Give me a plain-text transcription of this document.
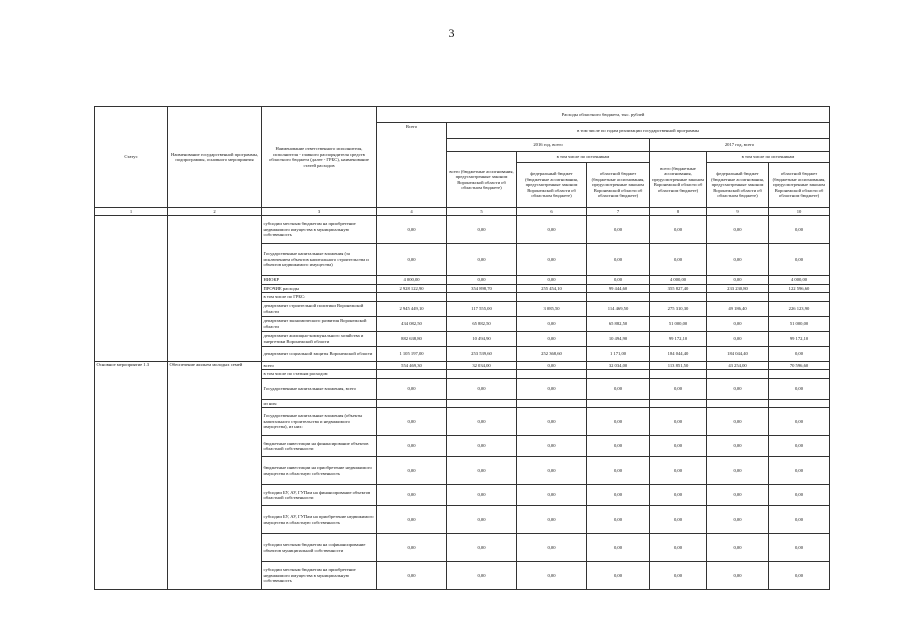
3
Статус	Наименование государственной программы, подпрограммы, основного мероприятия	Наименование ответственного исполнителя, исполнителя - главного распорядителя средств областного бюджета (далее - ГРБС), наименование статей расходов	Расходы областного бюджета, тыс. рублей						
			Всего	в том числе по годам реализации государственной программы					
				2016 год, всего			2017 год, всего		
				всего (бюджетные ассигнования, предусмотренные законом Воронежской области об областном бюджете)	в том числе по источникам		всего (бюджетные ассигнования, предусмотренные законом Воронежской области об областном бюджете)	в том числе по источникам	
					федеральный бюджет (бюджетные ассигнования, предусмотренные законом Воронежской области об областном бюджете)	областной бюджет (бюджетные ассигнования, предусмотренные законом Воронежской области об областном бюджете)		федеральный бюджет (бюджетные ассигнования, предусмотренные законом Воронежской области об областном бюджете)	областной бюджет (бюджетные ассигнования, предусмотренные законом Воронежской области об областном бюджете)
1	2	3	4	5	6	7	8	9	10
		субсидии местным бюджетам на приобретение недвижимого имущества в муниципальную собственность	0,00	0,00	0,00	0,00	0,00	0,00	0,00
		Государственные капитальные вложения (за исключением объектов капитального строительства и объектов недвижимого имущества)	0,00	0,00	0,00	0,00	0,00	0,00	0,00
		НИОКР	4 000,00	0,00	0,00	0,00	4 000,00	0,00	4 000,00
		ПРОЧИЕ расходы	2 928 122,90	354 898,70	255 454,10	99 444,60	355 827,40	233 230,80	122 596,60
		в том числе по ГРБС:							
		департамент строительной политики Воронежской области	2 945 449,10	117 555,00	3 085,50	114 469,50	275 310,30	49 186,40	226 123,90
		департамент экономического развития Воронежской области	434 082,50	65 882,50	0,00	65 882,50	51 000,00	0,00	51 000,00
		департамент жилищно-коммунального хозяйства и энергетики Воронежской области	882 638,80	10 494,90	0,00	10 494,90	99 172,10	0,00	99 172,10
		департамент социальной защиты Воронежской области	1 105 197,00	253 539,60	252 368,60	1 171,00	184 044,40	184 044,40	0,00
Основное мероприятие 1.3	Обеспечение жильем молодых семей	всего	554 469,30	32 034,00	0,00	32 034,00	113 851,50	43 254,00	70 596,60
		в том числе по статьям расходов:							
		Государственные капитальные вложения, всего	0,00	0,00	0,00	0,00	0,00	0,00	0,00
		из них:							
		Государственные капитальные вложения (объекты капитального строительства и недвижимого имущества), из них:	0,00	0,00	0,00	0,00	0,00	0,00	0,00
		бюджетные инвестиции на финансирование объектов областной собственности	0,00	0,00	0,00	0,00	0,00	0,00	0,00
		бюджетные инвестиции на приобретение недвижимого имущества в областную собственность	0,00	0,00	0,00	0,00	0,00	0,00	0,00
		субсидии БУ, АУ, ГУПам на финансирование объектов областной собственности	0,00	0,00	0,00	0,00	0,00	0,00	0,00
		субсидии БУ, АУ, ГУПам на приобретение недвижимого имущества в областную собственность	0,00	0,00	0,00	0,00	0,00	0,00	0,00
		субсидии местным бюджетам на софинансирование объектов муниципальной собственности	0,00	0,00	0,00	0,00	0,00	0,00	0,00
		субсидии местным бюджетам на приобретение недвижимого имущества в муниципальную собственность	0,00	0,00	0,00	0,00	0,00	0,00	0,00
